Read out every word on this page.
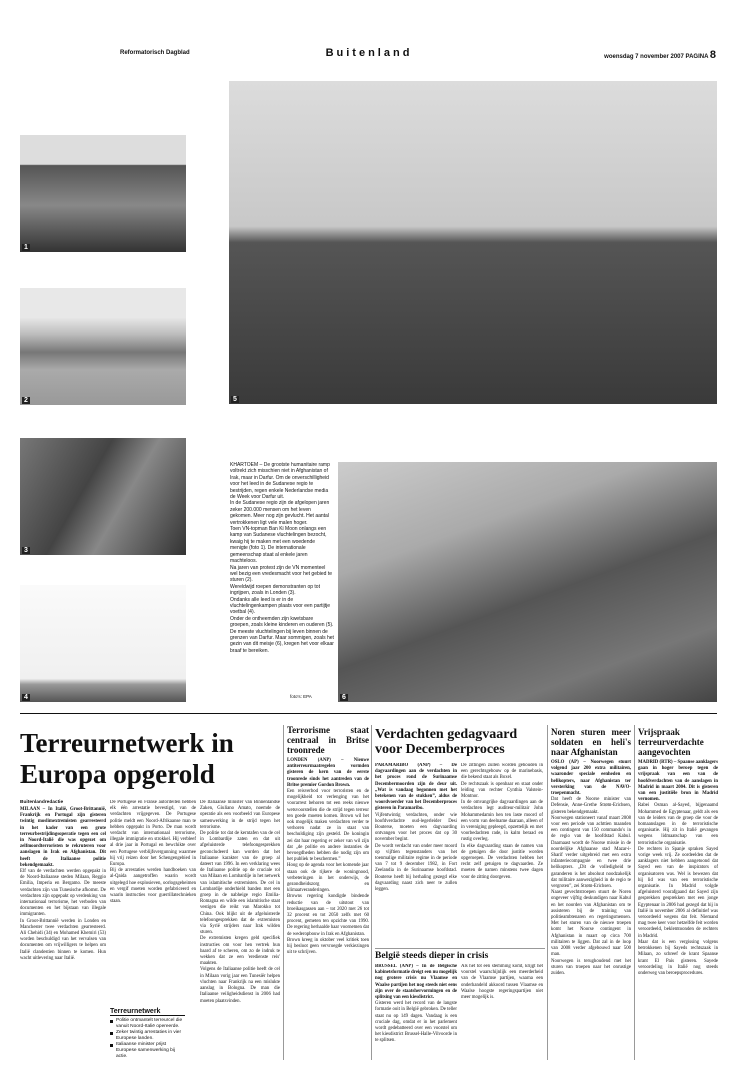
Reformatorisch Dagblad	Buitenland	woensdag 7 november 2007 PAGINA 8
1
2
3
4
5
6

KHARTOEM – De grootste humanitaire ramp voltrekt zich misschien niet in Afghanistan of Irak, maar in Darfur. Om de onverschilligheid voor het leed in de Sudanese regio te bestrijden, regen enkele Nederlandse media de Week voor Darfur uit.

In de Sudanese regio zijn de afgelopen jaren zeker 200.000 mensen om het leven gekomen. Meer nog zijn gevlucht. Het aantal vertrokkenen ligt vele malen hoger.

Toen VN-topman Ban Ki Moon onlangs een kamp van Sudanese vluchtelingen bezocht, kwaig hij te maken met een woedende menigte (foto 1). De internationale gemeenschap staat al enkele jaren machteloos.

Na jaren van protest zijn de VN momenteel wel bezig een vredesmacht voor het gebied te sturen (2).

Wereldwijd roepen demonstranten op tot ingrijpen, zoals in Londen (3).

Ondanks alle leed is er in de vluchtelingenkampen plaats voor een partijtje voetbal (4).

Onder de ontheemden zijn kwetsbare groepen, zoals kleine kinderen en ouderen (5).

De meeste vluchtelingen bij leven binnen de grenzen van Darfur. Maar sommigen, zoals het gezin van dit meisje (6), kregen het voor elkaar braaf te bereiken.

foto's: EPA
Terreurnetwerk in Europa opgerold
Buitenlandredactie

MILAAN – In Italië, Groot-Brittannië, Frankrijk en Portugal zijn gisteren twintig moslimextremisten gearresteerd in het kader van een grote terreurbestrijdingsoperatie tegen een cel in Noord-Italië die was opgezet om zelfmoordterroristen te rekruteren voor aanslagen in Irak en Afghanistan. Dit heeft de Italiaanse politie bekendgemaakt.

Elf van de verdachten werden opgepakt in de Noord-Italiaanse steden Milaan, Reggio Emilia, Imperia en Bergamo. De meeste verdachten zijn van Tunesische afkomst. De verdachten zijn opgepakt op verdenking van internationaal terrorisme, het verboden van documenten en het bijstaan van illegale immigranten.

In Groot-Brittannië werden in Londen en Manchester twee verdachten gearresteerd. Ali Chehidi (34) en Mohamed Khemiri (53) worden beschuldigd van het vervalsen van documenten om vrijwilligers te helpen om Italië clandestien binnen te komen. Hun wacht uitlevering naar Italië.

De Portugese en Franse autoriteiten hebben elk één arrestatie bevestigd, van de verdachten vrijgegeven. De Portugese politie meldt een Noord-Afrikaanse man te hebben opgepakt in Porto. De man wordt verdacht van internationaal terrorisme, illegale immigratie en strokkel. Hij verbleef al drie jaar in Portugal en bewchikte over een Portugese verblijfsvergunning waarmee hij vrij reizen door het Schengengebied in Europa.

Bij de arrestaties werden handboeken van al-Qaida aangetroffen waarin wordt uitgelegd hoe explosieven, oorlogsgeheimen en vergif moeten worden gefabriceerd en waarin instructies voor guerrillatechnieken staan.

Terreurnetwerk
Politie ontmantelt terreurcel die vanuit Noord-Italië opereerde.
Zeker twintig arrestaties in vier Europese landen.
Italiaanse minister prijst Europese samenwerking bij actie.

De Italiaanse minister van Binnenlandse Zaken, Giuliano Amato, noemde de operatie als een voorbeeld van Europese samenwerking in de strijd tegen het terrorisme.

De politie tot dat de kerntafen van de cel in Lombardije zaten en dat uit afgeluisterde telefoongesprekken geconcludeerd kan worden dat het Italiaanse karakter van de groep al dateert van 1996. In een verklaring wees de Italiaanse politie op de cruciale rol van Milaan en Lombardije in het netwerk van islamitische extremisten. De cel in Lombardije onderhield banden met een groep in de nabheige regio Emilia-Romagna en wilde een islamitische staat vestigen die reikt van Marokko tot China. Ook blijkt uit de afgeluisterde telefoongesprekken dat de extremisten via Syrië strijders naar Irak wilden sturen.

De extremisten kregen geld specifiek instructies om voor hen vertrek hun baard af te scheren, om zo de indruk te wekken dat ze een 'eredienste reis' maakten.

Volgens de Italiaanse politie heeft de cel in Milaan vorig jaar een Tunesiër helpen vluchten naar Frankrijk na een mislukte aanslag in Bologna. De man die Italiaanse veiligheidsdienst in 2006 had moeten plaatsvinden.

Terrorisme staat centraal in Britse troonrede

LONDEN (ANP) – Nieuwe antiterreurmaatregelen vormden gisteren de kern van de eerste troonrede sinds het aantreden van de Britse premier Gordon Brown.

Een reisverbod voor terroristen en de mogelijkheid tot verlenging van het voorarrest behoren tot een reeks nieuwe wetsvoorstellen die de strijd tegen terreur ten goede moeten komen. Brown wil het ook mogelijk maken verdachten verder te verhoren nadat ze in staat van beschuldiging zijn gesteld. De koningin zei dat haar regering er zeker van wil zijn dat „de politie en andere instanties de bevoegdheden hebben die nodig zijn om het publiek te beschermen.”

Hoog op de agenda voor het komende jaar staan ook de rijkere de woningnood, verbeteringen in het onderwijs, de gezondheidszorg en klimaatveranderingen.

Browns regering kondigde bindende reductie van de uitstoot van broeikasgassen aan – tot 2020 met 26 tot 32 procent en tot 2050 zelfs met 60 procent, gemeten ten opzichte van 1990. De regering herhaalde haar voornemen dat de wederopbouw in Irak en Afghanistan.

Brown kreeg in oktober veel kritiek toen hij besloot geen vervroegde verkiezingen uit te schrijven.

Verdachten gedagvaard voor Decemberproces

PARAMARIBO (ANP) – De dagvaardingen aan de verdachten in het proces rond de Surinaamse Decembermoorden zijn de deur uit. „Wat is vandaag begonnen met het betekenen van de stukken”, aldus de woordvoerder van het Decemberproces gisteren in Paramaribo.

Vijfentwintig verdachten, onder wie hoofdverdachte oud-legerleider Desi Bouterse, moeten een dagvaarding ontvangen voor het proces dat op 30 november begint.

De wordt verdacht van onder meer moord op vijftien tegenstanders van het toenmalige militaire regime in de periode van 7 tot 9 december 1982, in Fort Zeelandia in de Surinaamse hoofdstad. Bouterse heeft bij herhaling gezegd elke dagvaarding naast zich neer te zullen leggen.

De zittingen zullen worden gehouden in een gerechtsgebouw op de marinebasis, die bekend staat als Boxel.

De rechtszaak is openbaar en staat onder leiding van rechter Cynthia Valstein-Montnor.

In de omvangrijke dagvaardingen aan de verdachten legt auditeur-militair John Mohammedamin hen ten laste moord of een vorm van deelname daaraan, alleen of in vereniging gepleegd, opzettelijk en met voorbedachten rade, in kalm beraad en rustig overleg.

In elke dagvaarding staan de namen van de getuigen die door justitie worden opgeroepen. De verdachten hebben het recht zelf getuigen te dagvaarden. Ze moeten de namen minstens twee dagen voor de zitting doorgeven.

België steeds dieper in crisis

BRUSSEL (ANP) – In de Belgische kabinetsformatie dreigt een nu mogelijk nog grotere crisis nu Vlaamse en Waalse partijen het nog steeds niet eens zijn over de staatshervormingen en de splitsing van een kiesdistrict.

Gisteren werd het record van de langste formatie ooit in België gebroken. De teller staat nu op 149 dagen. Vandaag is een cruciale dag, omdat er in het parlement wordt gedebatteerd over een voorstel om het kiesdistrict Brussel-Halle-Vilvoorde in te splitsen.

Als het tot een stemming komt, krijgt het voorstel waarschijnlijk een meerderheid van de Vlaamse partijen, waarna een onderhandeld akkoord tussen Vlaamse en Waalse hoogste regeringspartijen niet meer mogelijk is.

Noren sturen meer soldaten en heli's naar Afghanistan

OSLO (AP) – Noorwegen stuurt volgend jaar 200 extra militairen, waaronder speciale eenheden en helikopters, naar Afghanistan ter versterking van de NAVO-troepenmacht.

Dat heeft de Noorse minister van Defensie, Anne-Grethe Strøm-Erichsen, gisteren bekendgemaakt.

Noorwegen stationeert vanaf maart 2008 voor een periode van achttien maanden een contingent van 150 commando's in de regio van de hoofdstad Kabul. Daarnaast wordt de Noorse missie in de noordelijke Afghaanse stad Mazar-i-Sharif verder uitgebreid met een extra infanteriecompagnie en twee drie helikopters. „Dit de volledigheid te garanderen is het absoluut noodzakelijk dat militaire aanwezigheid in de regio te vergroten”, zei Strøm-Erichsen.

Naast gevechtstroepen stuurt de Noren ongeveer vijftig deskundigen naar Kabul en het noorden van Afghanistan om te assisteren bij de training van politieambtenaren en regeringsmensen. Met het sturen van de nieuwe troepen komt het Noorse contingent in Afghanistan in maart op circa 700 militairen te liggen. Dat zal in de loop van 2008 verder afgebouwd naar 500 man.

Noorwegen is terughoudend met het sturen van troepen naar het onrustige zuiden.

Vrijspraak terreurverdachte aangevochten

MADRID (RTR) – Spaanse aanklagers gaan in hoger beroep tegen de vrijspraak van een van de hoofdverdachten van de aanslagen in Madrid in maart 2004. Dit is gisteren van een justitiële bron in Madrid vernomen.

Rabei Osman al-Sayed, bijgenaamd Mohammed de Egyptenaar, geldt als een van de leiders van de groep die voor de bomaanslagen in de terroristische organisatie. Hij zit in Italië gevangen wegens lidmaatschap van een terroristische organisatie.

De rechters in Spanje spraken Sayed vorige week vrij. Ze oordeelden dat de aanklagers niet hebben aangetoond dat Sayed een van de inspirators of organisatoren was. Wel is bewezen dat hij lid was van een terroristische organisatie. In Madrid volgde afgeluisterd voorafgaand dat Sayed zijn gesprekken gesprekken met een jonge Egyptenaar in 2006 had gezegd dat hij in Italië in november 2006 al definitief was veroordeeld wegens dat feit. Niemand mag twee keer voor hetzelfde feit worden veroordeeld, beklemtoonden de rechters in Madrid.

Maar dat is een vergissing volgens betrokkenen bij Sayeds rechtszaak in Milaan, zo schreef de krant Spaanse krant El País gisteren. Sayede veroordeling in Italië nog steeds onderweg van beroepsprocedures.
